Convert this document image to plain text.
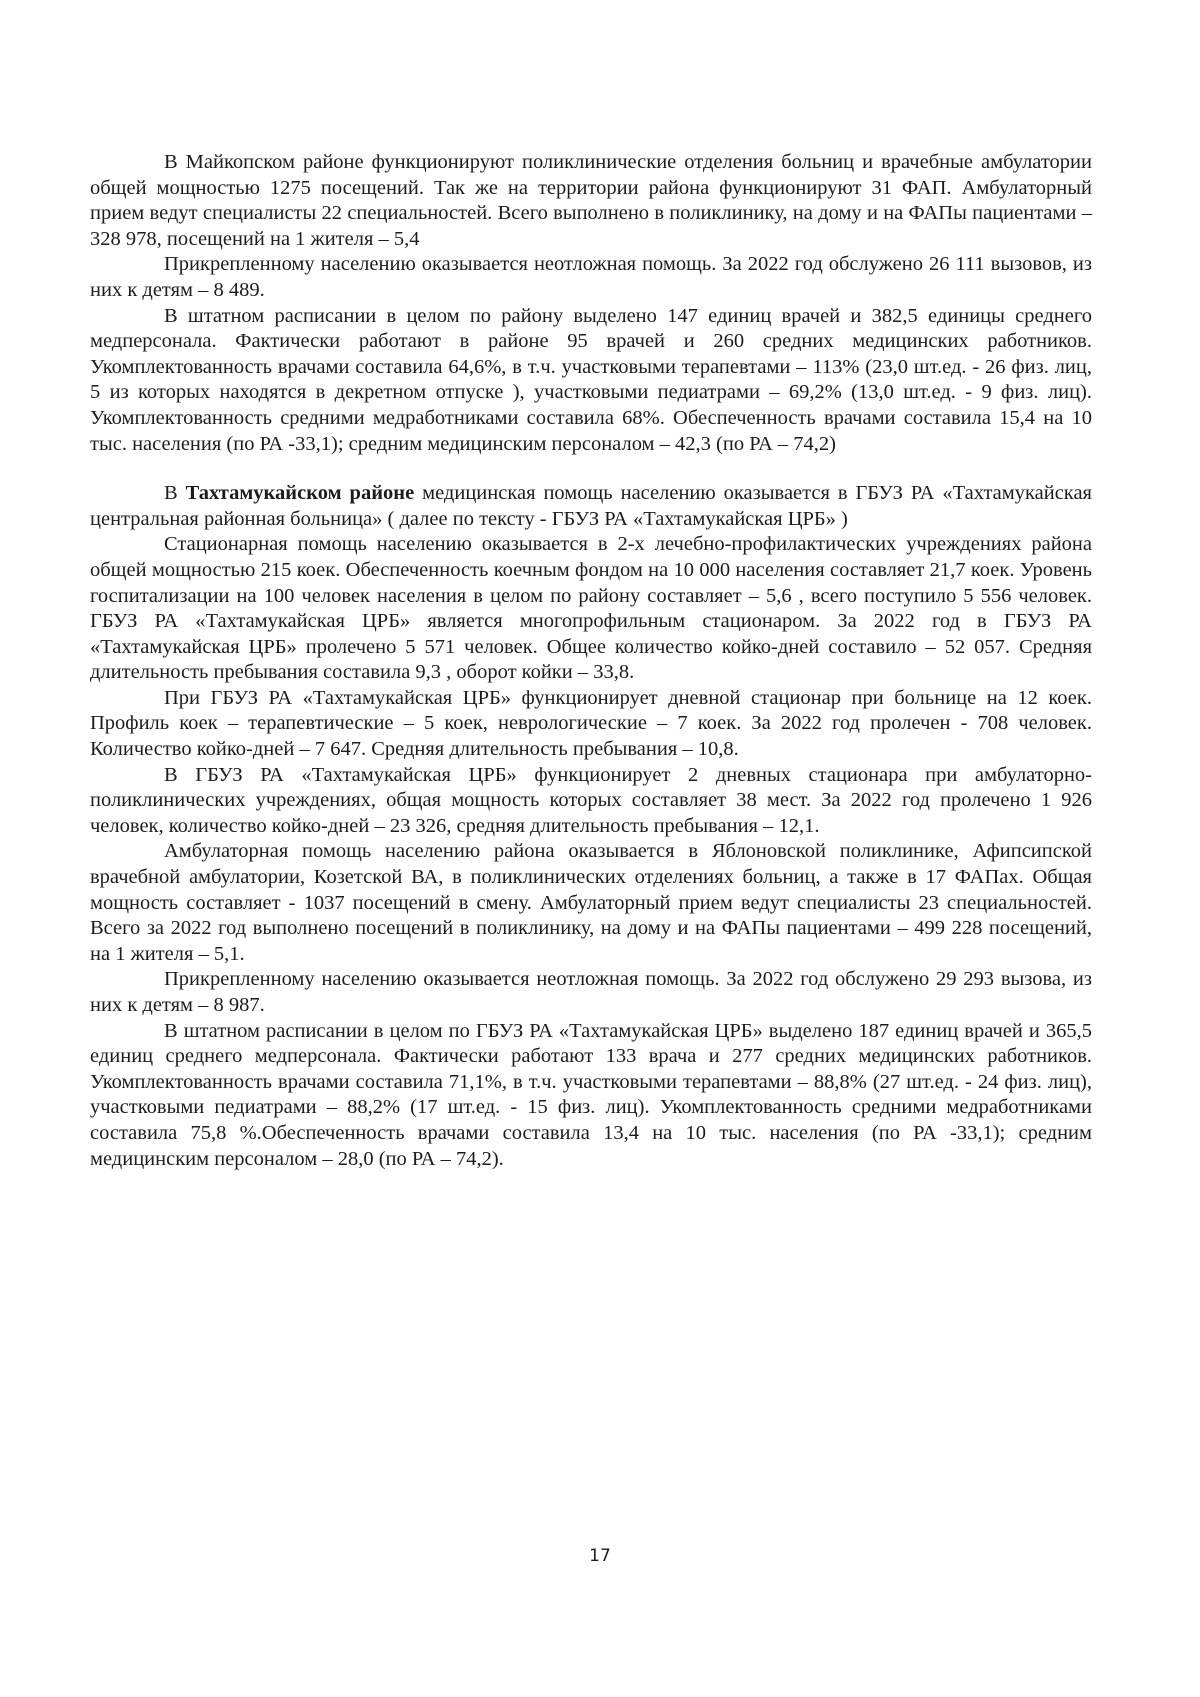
В Майкопском районе функционируют поликлинические отделения больниц и врачебные амбулатории общей мощностью 1275 посещений. Так же на территории района функционируют 31 ФАП. Амбулаторный прием ведут специалисты 22 специальностей. Всего выполнено в поликлинику, на дому и на ФАПы пациентами – 328 978, посещений на 1 жителя – 5,4

Прикрепленному населению оказывается неотложная помощь. За 2022 год обслужено 26 111 вызовов, из них к детям – 8 489.

В штатном расписании в целом по району выделено 147 единиц врачей и 382,5 единицы среднего медперсонала. Фактически работают в районе 95 врачей и 260 средних медицинских работников. Укомплектованность врачами составила 64,6%, в т.ч. участковыми терапевтами – 113% (23,0 шт.ед. - 26 физ. лиц, 5 из которых находятся в декретном отпуске ), участковыми педиатрами – 69,2% (13,0 шт.ед. - 9 физ. лиц). Укомплектованность средними медработниками составила 68%. Обеспеченность врачами составила 15,4 на 10 тыс. населения (по РА -33,1); средним медицинским персоналом – 42,3 (по РА – 74,2)

В Тахтамукайском районе медицинская помощь населению оказывается в ГБУЗ РА «Тахтамукайская центральная районная больница» ( далее по тексту - ГБУЗ РА «Тахтамукайская ЦРБ» )

Стационарная помощь населению оказывается в 2-х лечебно-профилактических учреждениях района общей мощностью 215 коек. Обеспеченность коечным фондом на 10 000 населения составляет 21,7 коек. Уровень госпитализации на 100 человек населения в целом по району составляет – 5,6 , всего поступило 5 556 человек. ГБУЗ РА «Тахтамукайская ЦРБ» является многопрофильным стационаром. За 2022 год в ГБУЗ РА «Тахтамукайская ЦРБ» пролечено 5 571 человек. Общее количество койко-дней составило – 52 057. Средняя длительность пребывания составила 9,3 , оборот койки – 33,8.

При ГБУЗ РА «Тахтамукайская ЦРБ» функционирует дневной стационар при больнице на 12 коек. Профиль коек – терапевтические – 5 коек, неврологические – 7 коек. За 2022 год пролечен - 708 человек. Количество койко-дней – 7 647. Средняя длительность пребывания – 10,8.

В ГБУЗ РА «Тахтамукайская ЦРБ» функционирует 2 дневных стационара при амбулаторно-поликлинических учреждениях, общая мощность которых составляет 38 мест. За 2022 год пролечено 1 926 человек, количество койко-дней – 23 326, средняя длительность пребывания – 12,1.

Амбулаторная помощь населению района оказывается в Яблоновской поликлинике, Афипсипской врачебной амбулатории, Козетской ВА, в поликлинических отделениях больниц, а также в 17 ФАПах. Общая мощность составляет - 1037 посещений в смену. Амбулаторный прием ведут специалисты 23 специальностей. Всего за 2022 год выполнено посещений в поликлинику, на дому и на ФАПы пациентами – 499 228 посещений, на 1 жителя – 5,1.

Прикрепленному населению оказывается неотложная помощь. За 2022 год обслужено 29 293 вызова, из них к детям – 8 987.

В штатном расписании в целом по ГБУЗ РА «Тахтамукайская ЦРБ» выделено 187 единиц врачей и 365,5 единиц среднего медперсонала. Фактически работают 133 врача и 277 средних медицинских работников. Укомплектованность врачами составила 71,1%, в т.ч. участковыми терапевтами – 88,8% (27 шт.ед. - 24 физ. лиц), участковыми педиатрами – 88,2% (17 шт.ед. - 15 физ. лиц). Укомплектованность средними медработниками составила 75,8 %.Обеспеченность врачами составила 13,4 на 10 тыс. населения (по РА -33,1); средним медицинским персоналом – 28,0 (по РА – 74,2).

17
